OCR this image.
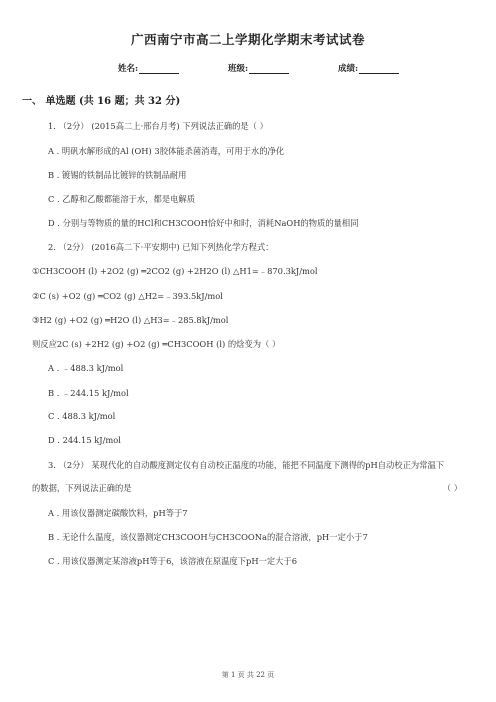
广西南宁市高二上学期化学期末考试试卷
姓名:	班级:	成绩:
一、 单选题 (共 16 题；共 32 分)
1. （2分） (2015高二上·邢台月考) 下列说法正确的是（ ）
A . 明矾水解形成的Al (OH) 3胶体能杀菌消毒，可用于水的净化
B . 镀锡的铁制品比镀锌的铁制品耐用
C . 乙醇和乙酸都能溶于水，都是电解质
D . 分别与等物质的量的HCl和CH3COOH恰好中和时，消耗NaOH的物质的量相同
2. （2分） (2016高二下·平安期中) 已知下列热化学方程式：
①CH3COOH (l) +2O2 (g) ═2CO2 (g) +2H2O (l) △H1=﹣870.3kJ/mol
②C (s) +O2 (g) ═CO2 (g) △H2=﹣393.5kJ/mol
③H2 (g) +O2 (g) ═H2O (l) △H3=﹣285.8kJ/mol
则反应2C (s) +2H2 (g) +O2 (g) ═CH3COOH (l) 的焓变为（ ）
A . ﹣488.3 kJ/mol
B . ﹣244.15 kJ/mol
C . 488.3 kJ/mol
D . 244.15 kJ/mol
3. （2分） 某现代化的自动酸度测定仪有自动校正温度的功能，能把不同温度下测得的pH自动校正为常温下
的数据，下列说法正确的是	（ ）
A . 用该仪器测定碳酸饮料，pH等于7
B . 无论什么温度，该仪器测定CH3COOH与CH3COONa的混合溶液，pH一定小于7
C . 用该仪器测定某溶液pH等于6，该溶液在原温度下pH一定大于6
第 1 页 共 22 页
